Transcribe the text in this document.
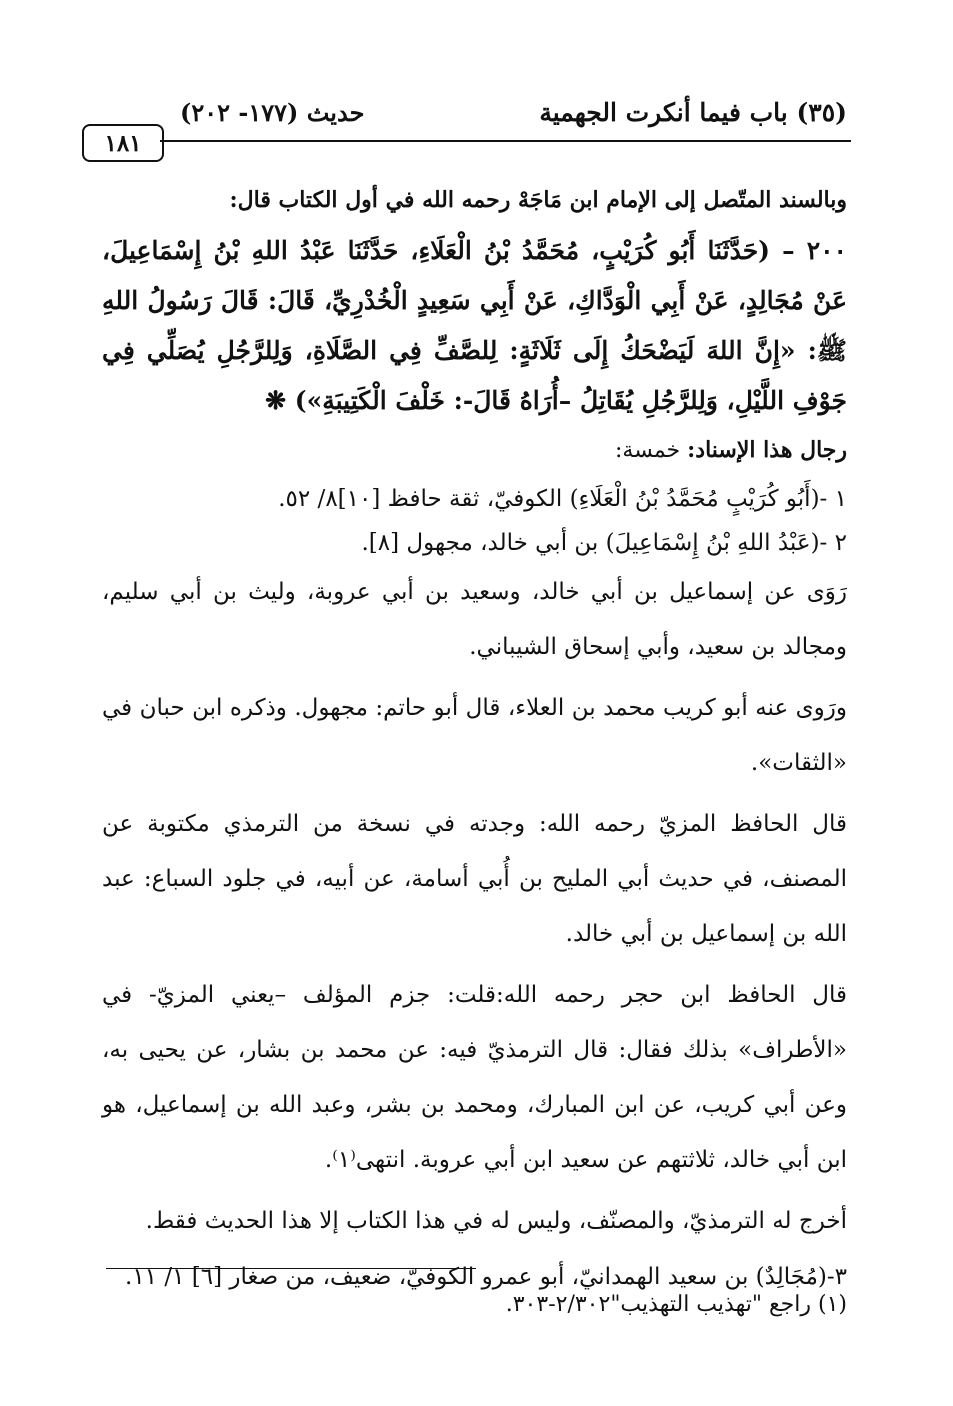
(٣٥) باب فيما أنكرت الجهمية
حديث (١٧٧- ٢٠٢)
١٨١

وبالسند المتّصل إلى الإمام ابن مَاجَهْ رحمه الله في أول الكتاب قال:

٢٠٠ – (حَدَّثَنَا أَبُو كُرَيْبٍ، مُحَمَّدُ بْنُ الْعَلَاءِ، حَدَّثَنَا عَبْدُ اللهِ بْنُ إِسْمَاعِيلَ، عَنْ مُجَالِدٍ، عَنْ أَبِي الْوَدَّاكِ، عَنْ أَبِي سَعِيدٍ الْخُدْرِيِّ، قَالَ: قَالَ رَسُولُ اللهِ ﷺ: «إِنَّ اللهَ لَيَضْحَكُ إِلَى ثَلَاثَةٍ: لِلصَّفِّ فِي الصَّلَاةِ، وَلِلرَّجُلِ يُصَلِّي فِي جَوْفِ اللَّيْلِ، وَلِلرَّجُلِ يُقَاتِلُ –أُرَاهُ قَالَ-: خَلْفَ الْكَتِيبَةِ») ❋

رجال هذا الإسناد: خمسة:

١ -(أَبُو كُرَيْبٍ مُحَمَّدُ بْنُ الْعَلَاءِ) الكوفيّ، ثقة حافظ [١٠]٨/ ٥٢.

٢ -(عَبْدُ اللهِ بْنُ إِسْمَاعِيلَ) بن أبي خالد، مجهول [٨].

رَوَى عن إسماعيل بن أبي خالد، وسعيد بن أبي عروبة، وليث بن أبي سليم، ومجالد بن سعيد، وأبي إسحاق الشيباني.

ورَوى عنه أبو كريب محمد بن العلاء، قال أبو حاتم: مجهول. وذكره ابن حبان في «الثقات».

قال الحافظ المزيّ رحمه الله: وجدته في نسخة من الترمذي مكتوبة عن المصنف، في حديث أبي المليح بن أُبي أسامة، عن أبيه، في جلود السباع: عبد الله بن إسماعيل بن أبي خالد.

قال الحافظ ابن حجر رحمه الله:قلت: جزم المؤلف –يعني المزيّ- في «الأطراف» بذلك فقال: قال الترمذيّ فيه: عن محمد بن بشار، عن يحيى به، وعن أبي كريب، عن ابن المبارك، ومحمد بن بشر، وعبد الله بن إسماعيل، هو ابن أبي خالد، ثلاثتهم عن سعيد ابن أبي عروبة. انتهى⁽١⁾.

أخرج له الترمذيّ، والمصنّف، وليس له في هذا الكتاب إلا هذا الحديث فقط.

٣-(مُجَالِدٌ) بن سعيد الهمدانيّ، أبو عمرو الكوفيّ، ضعيف، من صغار [٦] ١/ ١١.

(١) راجع "تهذيب التهذيب"٢/٣٠٢-٣٠٣.
